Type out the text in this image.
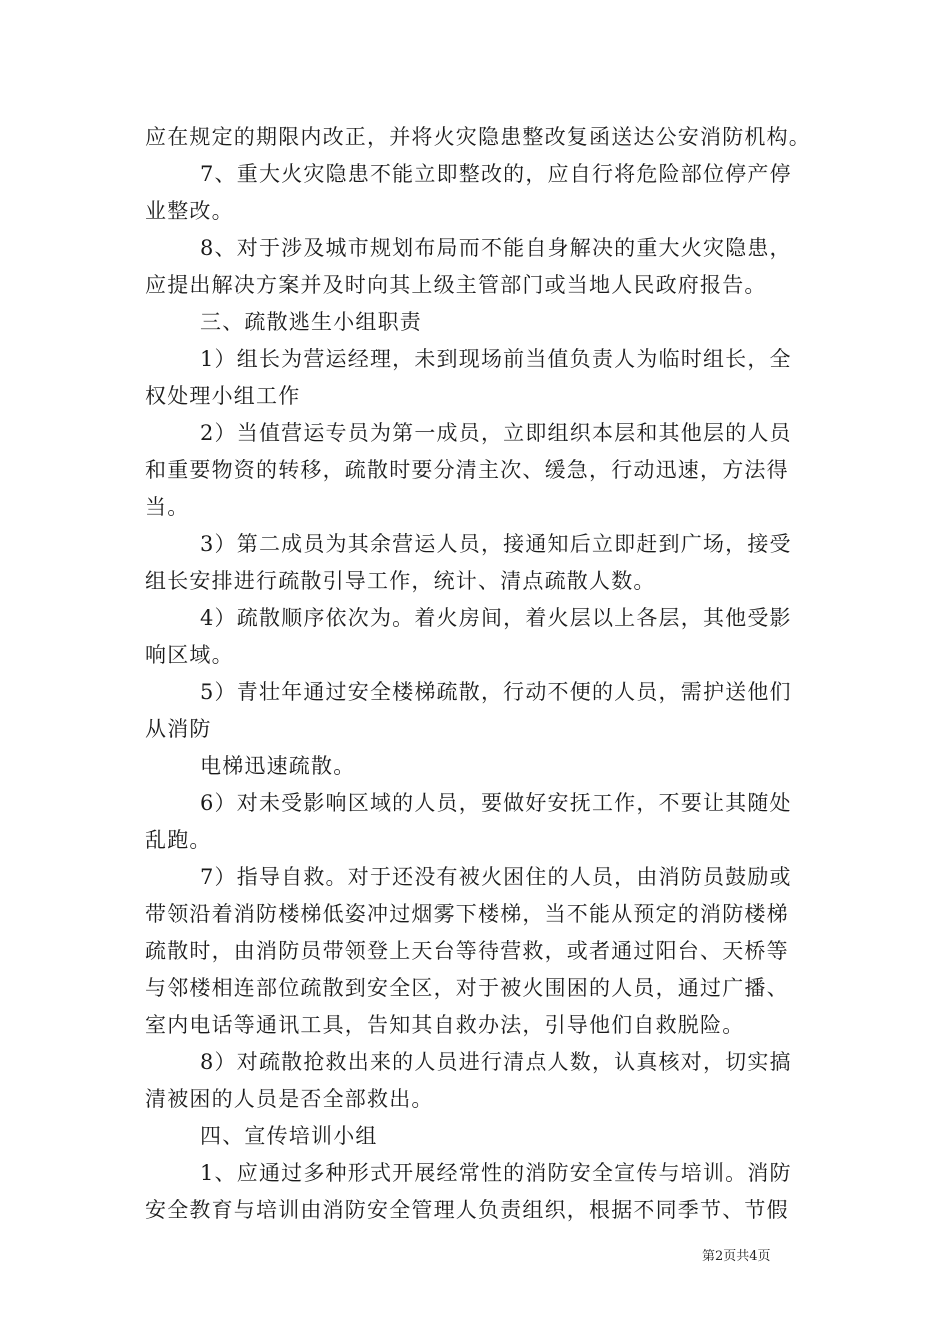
应在规定的期限内改正，并将火灾隐患整改复函送达公安消防机构。
7、重大火灾隐患不能立即整改的，应自行将危险部位停产停
业整改。
8、对于涉及城市规划布局而不能自身解决的重大火灾隐患，
应提出解决方案并及时向其上级主管部门或当地人民政府报告。
三、疏散逃生小组职责
1）组长为营运经理，未到现场前当值负责人为临时组长，全
权处理小组工作
2）当值营运专员为第一成员，立即组织本层和其他层的人员
和重要物资的转移，疏散时要分清主次、缓急，行动迅速，方法得
当。
3）第二成员为其余营运人员，接通知后立即赶到广场，接受
组长安排进行疏散引导工作，统计、清点疏散人数。
4）疏散顺序依次为。着火房间，着火层以上各层，其他受影
响区域。
5）青壮年通过安全楼梯疏散，行动不便的人员，需护送他们
从消防
电梯迅速疏散。
6）对未受影响区域的人员，要做好安抚工作，不要让其随处
乱跑。
7）指导自救。对于还没有被火困住的人员，由消防员鼓励或
带领沿着消防楼梯低姿冲过烟雾下楼梯，当不能从预定的消防楼梯
疏散时，由消防员带领登上天台等待营救，或者通过阳台、天桥等
与邻楼相连部位疏散到安全区，对于被火围困的人员，通过广播、
室内电话等通讯工具，告知其自救办法，引导他们自救脱险。
8）对疏散抢救出来的人员进行清点人数，认真核对，切实搞
清被困的人员是否全部救出。
四、宣传培训小组
1、应通过多种形式开展经常性的消防安全宣传与培训。消防
安全教育与培训由消防安全管理人负责组织，根据不同季节、节假
第2页共4页
